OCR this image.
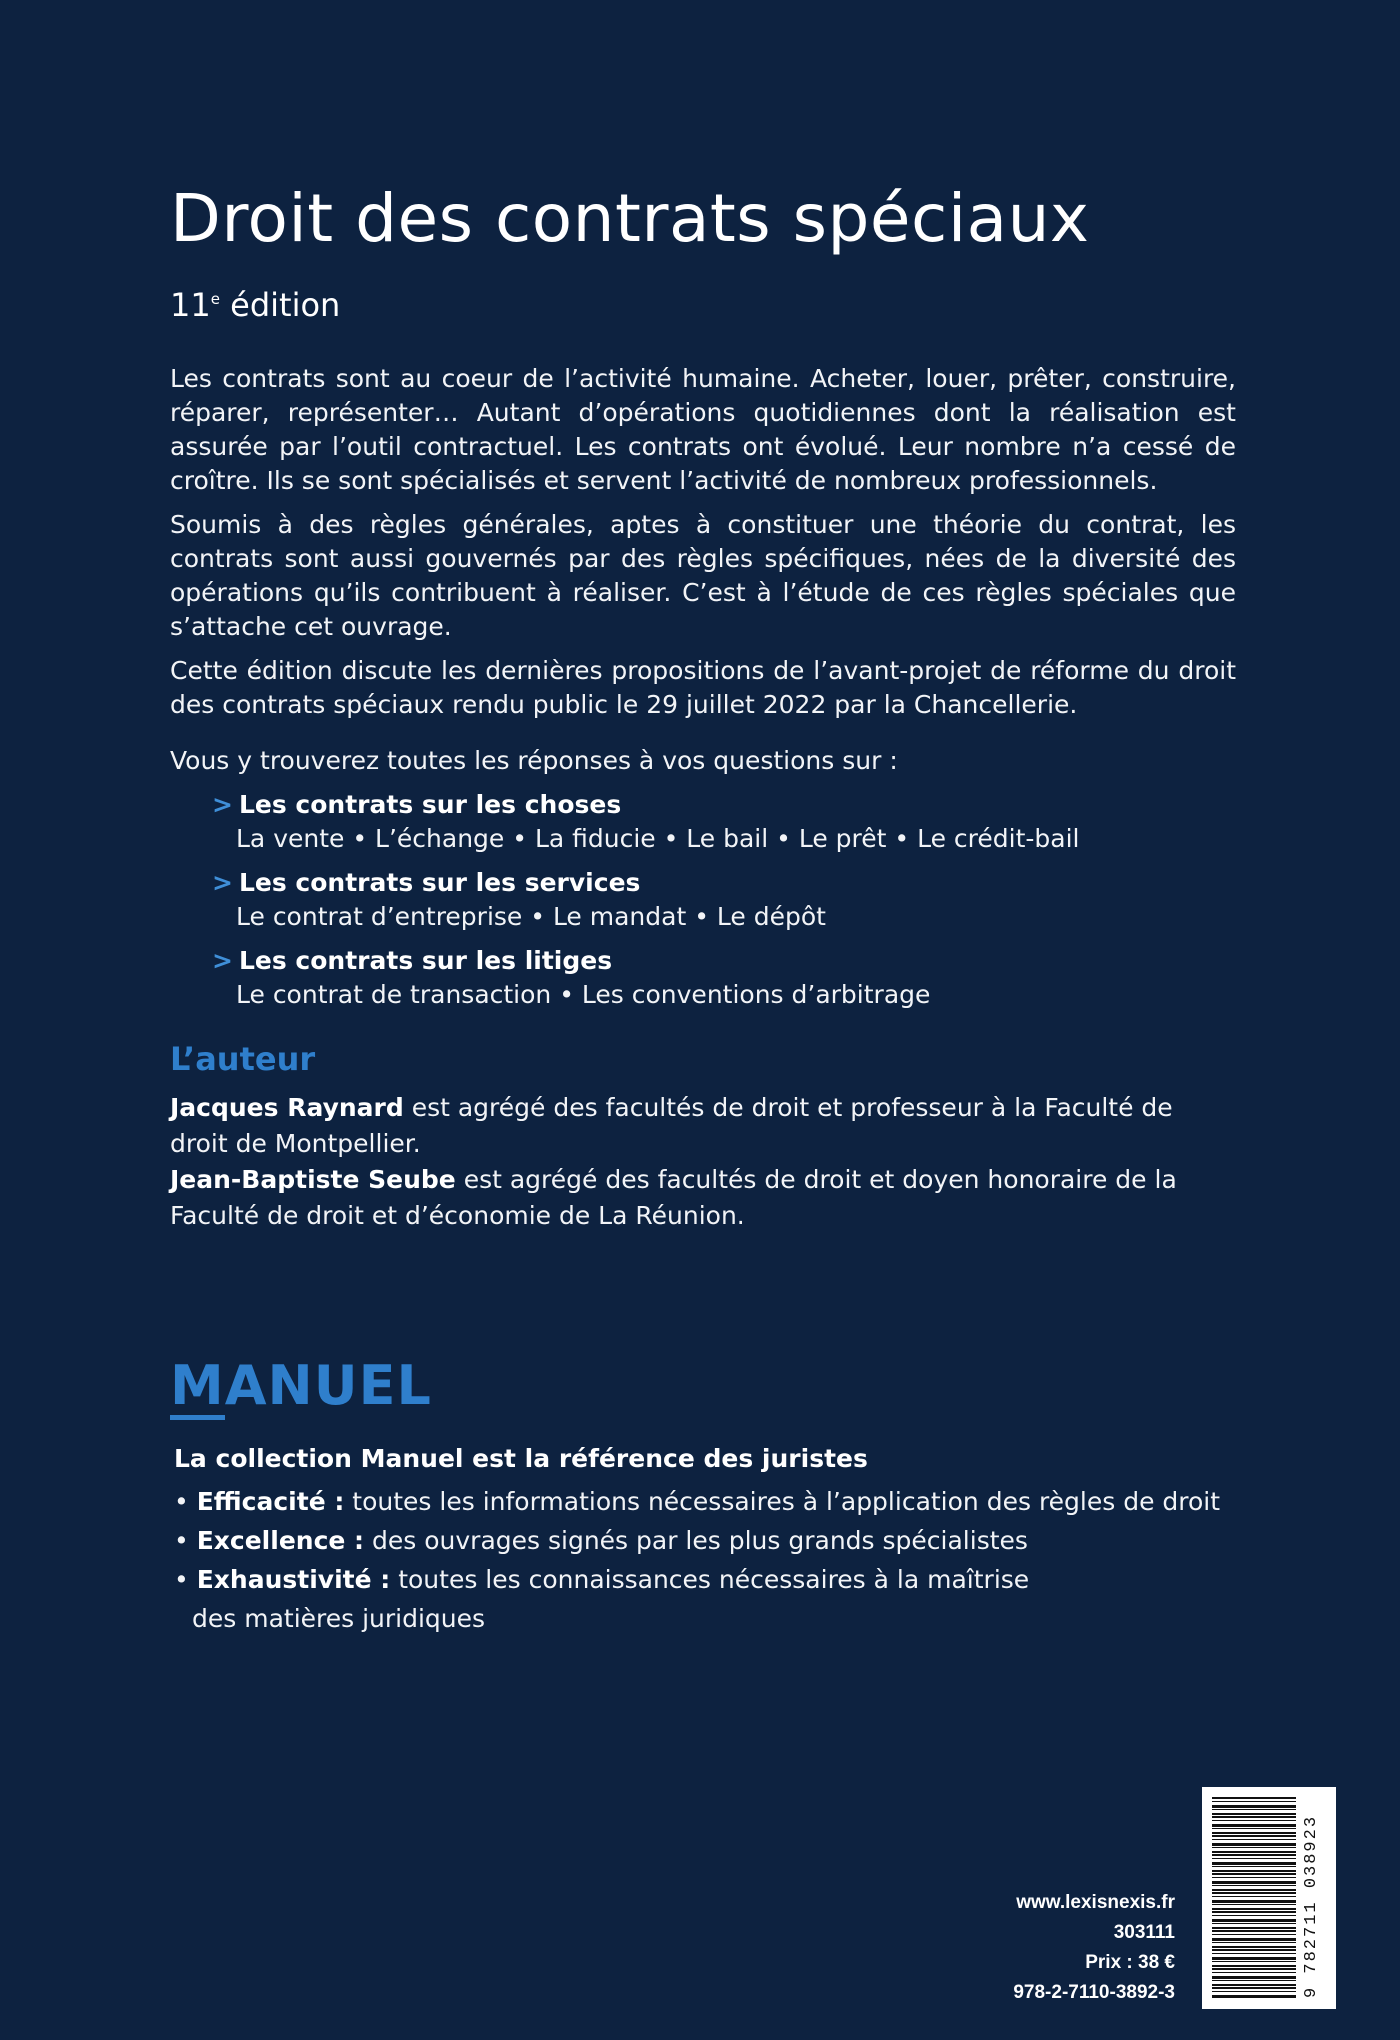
Droit des contrats spéciaux
11e édition

Les contrats sont au coeur de l’activité humaine. Acheter, louer, prêter, construire, réparer, représenter… Autant d’opérations quotidiennes dont la réalisation est assurée par l’outil contractuel. Les contrats ont évolué. Leur nombre n’a cessé de croître. Ils se sont spécialisés et servent l’activité de nombreux professionnels.

Soumis à des règles générales, aptes à constituer une théorie du contrat, les contrats sont aussi gouvernés par des règles spécifiques, nées de la diversité des opérations qu’ils contribuent à réaliser. C’est à l’étude de ces règles spéciales que s’attache cet ouvrage.

Cette édition discute les dernières propositions de l’avant-projet de réforme du droit des contrats spéciaux rendu public le 29 juillet 2022 par la Chancellerie.

Vous y trouverez toutes les réponses à vos questions sur :
> Les contrats sur les choses
La vente • L’échange • La fiducie • Le bail • Le prêt • Le crédit-bail
> Les contrats sur les services
Le contrat d’entreprise • Le mandat • Le dépôt
> Les contrats sur les litiges
Le contrat de transaction • Les conventions d’arbitrage
L’auteur

Jacques Raynard est agrégé des facultés de droit et professeur à la Faculté de droit de Montpellier.

Jean-Baptiste Seube est agrégé des facultés de droit et doyen honoraire de la Faculté de droit et d’économie de La Réunion.

MANUEL
La collection Manuel est la référence des juristes
• Efficacité : toutes les informations nécessaires à l’application des règles de droit
• Excellence : des ouvrages signés par les plus grands spécialistes
• Exhaustivité : toutes les connaissances nécessaires à la maîtrise
des matières juridiques
www.lexisnexis.fr
303111
Prix : 38 €
978-2-7110-3892-3	9 782711 038923
